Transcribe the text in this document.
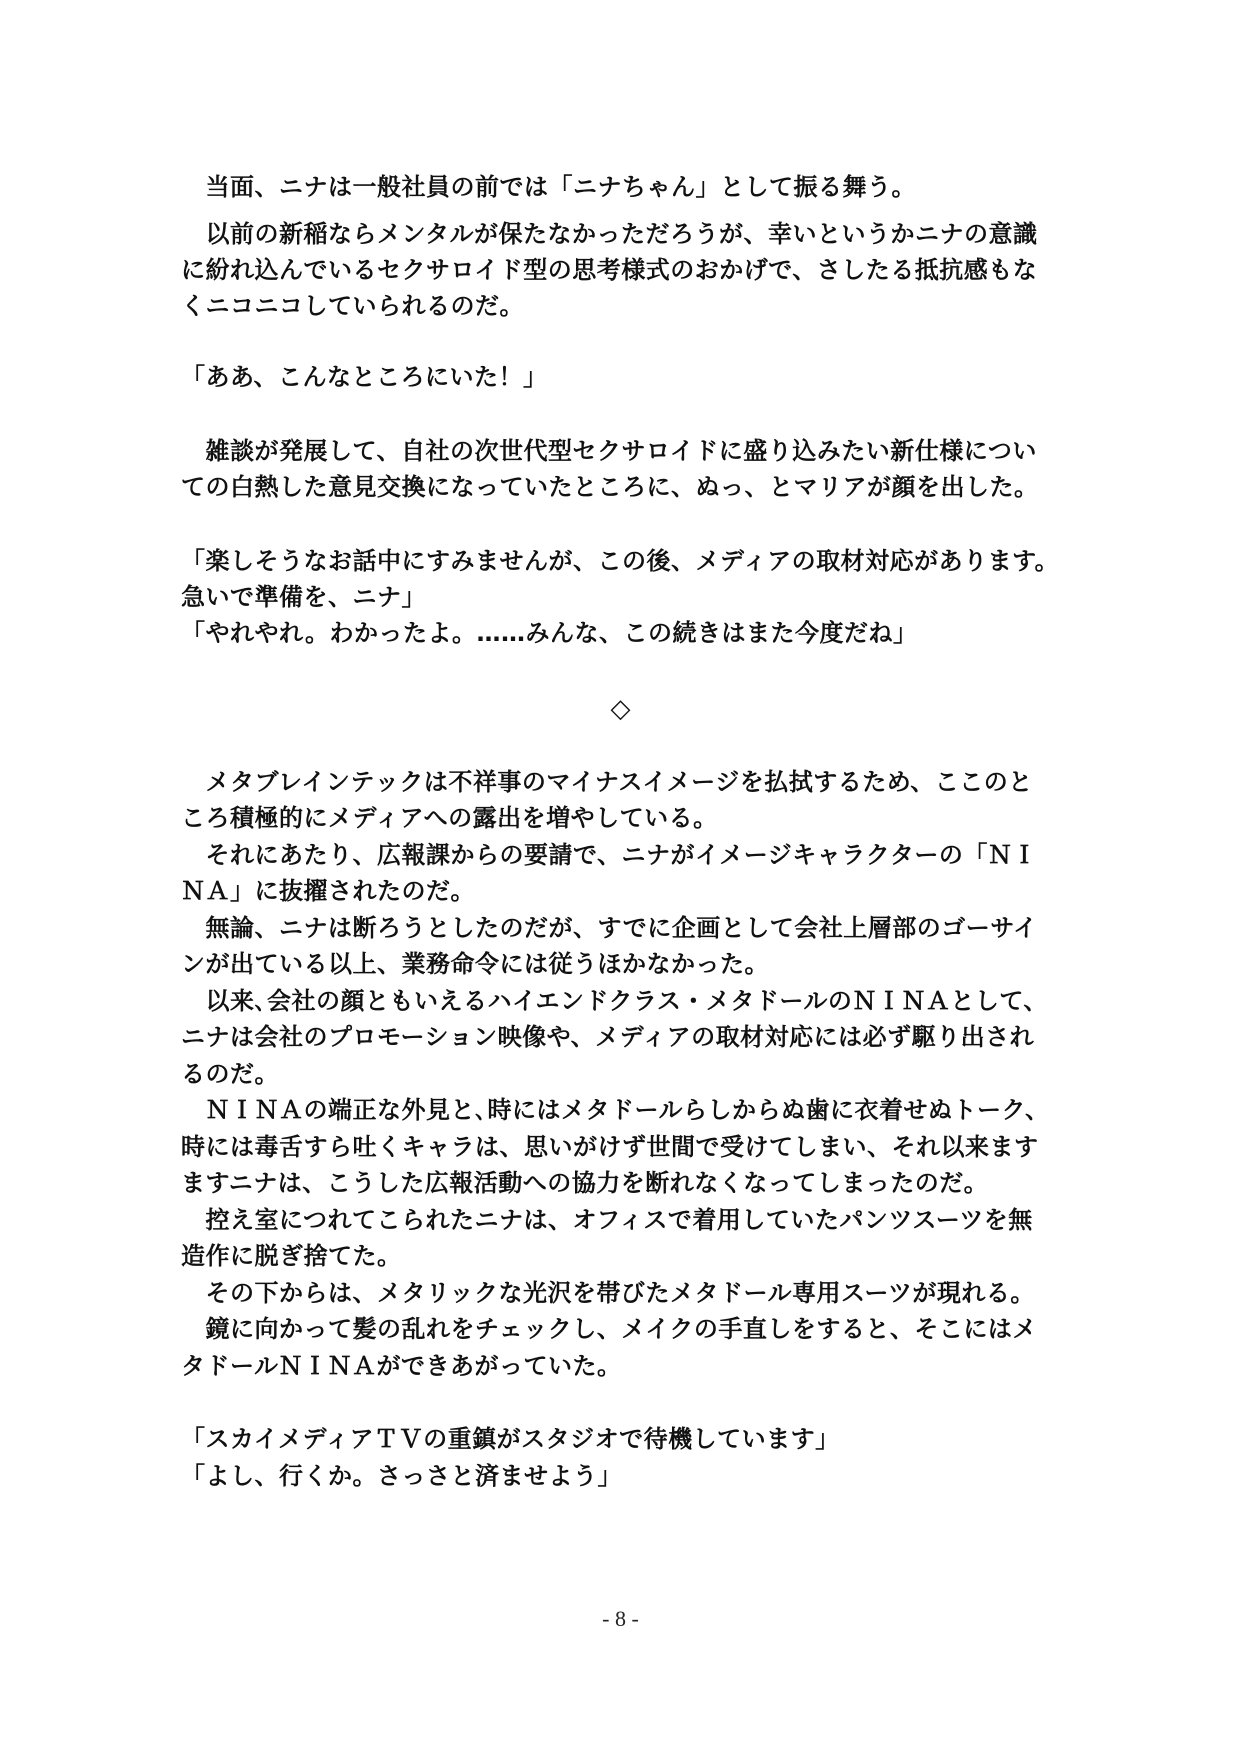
　当面、ニナは一般社員の前では「ニナちゃん」として振る舞う。
　以前の新稲ならメンタルが保たなかっただろうが、幸いというかニナの意識
に紛れ込んでいるセクサロイド型の思考様式のおかげで、さしたる抵抗感もな
くニコニコしていられるのだ。
「ああ、こんなところにいた！」
　雑談が発展して、自社の次世代型セクサロイドに盛り込みたい新仕様につい
ての白熱した意見交換になっていたところに、ぬっ、とマリアが顔を出した。
「楽しそうなお話中にすみませんが、この後、メディアの取材対応があります。
急いで準備を、ニナ」
「やれやれ。わかったよ。……みんな、この続きはまた今度だね」
◇
　メタブレインテックは不祥事のマイナスイメージを払拭するため、ここのと
ころ積極的にメディアへの露出を増やしている。
　それにあたり、広報課からの要請で、ニナがイメージキャラクターの「ＮＩ
ＮＡ」に抜擢されたのだ。
　無論、ニナは断ろうとしたのだが、すでに企画として会社上層部のゴーサイ
ンが出ている以上、業務命令には従うほかなかった。
　以来､会社の顔ともいえるハイエンドクラス・メタドールのＮＩＮＡとして、
ニナは会社のプロモーション映像や、メディアの取材対応には必ず駆り出され
るのだ。
　ＮＩＮＡの端正な外見と､時にはメタドールらしからぬ歯に衣着せぬトーク、
時には毒舌すら吐くキャラは、思いがけず世間で受けてしまい、それ以来ます
ますニナは、こうした広報活動への協力を断れなくなってしまったのだ。
　控え室につれてこられたニナは、オフィスで着用していたパンツスーツを無
造作に脱ぎ捨てた。
　その下からは、メタリックな光沢を帯びたメタドール専用スーツが現れる。
　鏡に向かって髪の乱れをチェックし、メイクの手直しをすると、そこにはメ
タドールＮＩＮＡができあがっていた。
「スカイメディアＴＶの重鎮がスタジオで待機しています」
「よし、行くか。さっさと済ませよう」
- 8 -
